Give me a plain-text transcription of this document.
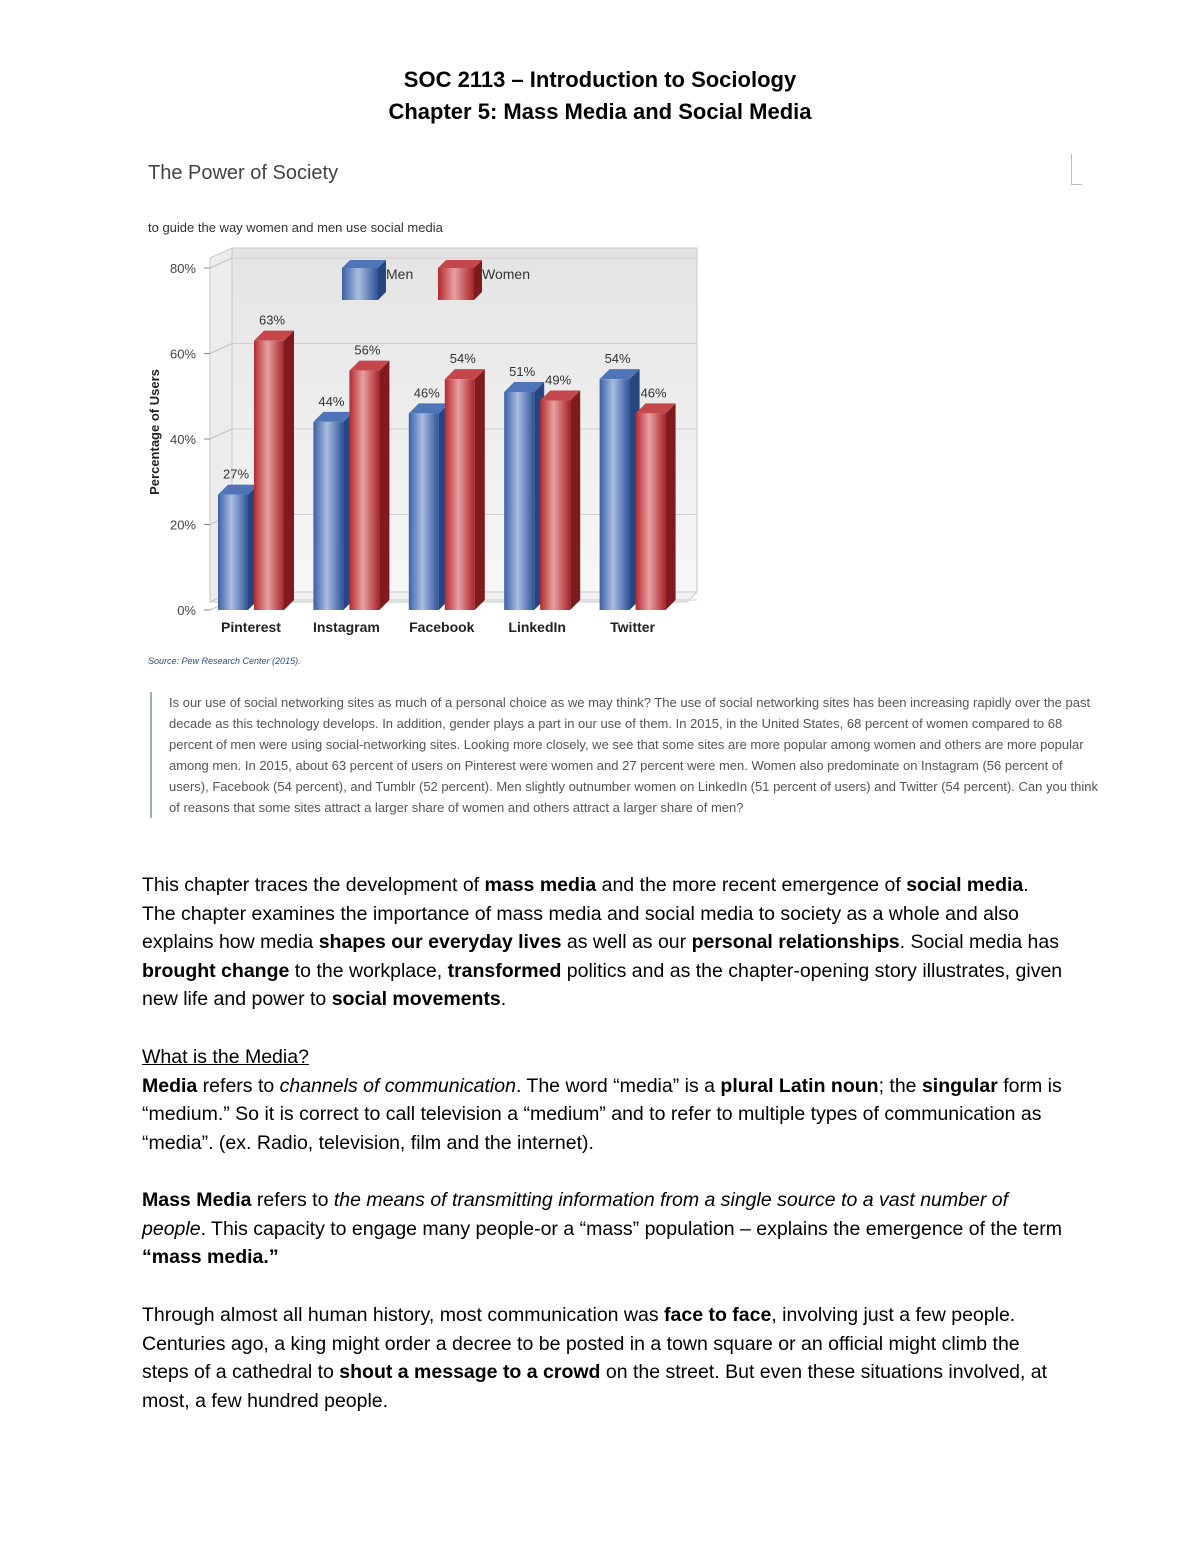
SOC 2113 – Introduction to Sociology
Chapter 5: Mass Media and Social Media
The Power of Society
to guide the way women and men use social media
0%
20%
40%
60%
80%
27%
63%
44%
56%
46%
54%
51%
49%
54%
46%
Pinterest Instagram Facebook LinkedIn	Twitter
Men	Women
Percentage of Users
Source: Pew Research Center (2015).
Is our use of social networking sites as much of a personal choice as we may think? The use of social networking sites has been increasing rapidly over the past decade as this technology develops. In addition, gender plays a part in our use of them. In 2015, in the United States, 68 percent of women compared to 68 percent of men were using social-networking sites. Looking more closely, we see that some sites are more popular among women and others are more popular among men. In 2015, about 63 percent of users on Pinterest were women and 27 percent were men. Women also predominate on Instagram (56 percent of users), Facebook (54 percent), and Tumblr (52 percent). Men slightly outnumber women on LinkedIn (51 percent of users) and Twitter (54 percent). Can you think of reasons that some sites attract a larger share of women and others attract a larger share of men?
This chapter traces the development of mass media and the more recent emergence of social media. The chapter examines the importance of mass media and social media to society as a whole and also explains how media shapes our everyday lives as well as our personal relationships. Social media has brought change to the workplace, transformed politics and as the chapter-opening story illustrates, given new life and power to social movements.
What is the Media?
Media refers to channels of communication. The word “media” is a plural Latin noun; the singular form is “medium.” So it is correct to call television a “medium” and to refer to multiple types of communication as “media”. (ex. Radio, television, film and the internet).
Mass Media refers to the means of transmitting information from a single source to a vast number of people. This capacity to engage many people-or a “mass” population – explains the emergence of the term “mass media.”
Through almost all human history, most communication was face to face, involving just a few people. Centuries ago, a king might order a decree to be posted in a town square or an official might climb the steps of a cathedral to shout a message to a crowd on the street. But even these situations involved, at most, a few hundred people.
